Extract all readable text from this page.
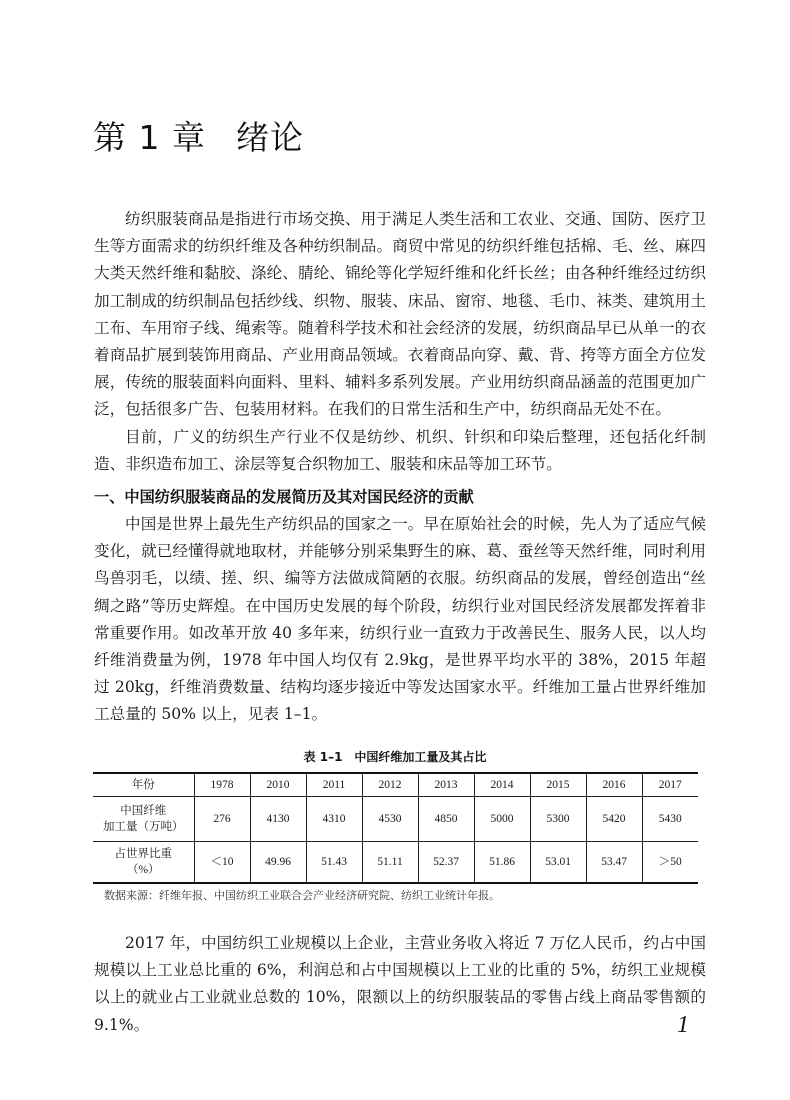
第 1 章 绪论

纺织服装商品是指进行市场交换、用于满足人类生活和工农业、交通、国防、医疗卫生等方面需求的纺织纤维及各种纺织制品。商贸中常见的纺织纤维包括棉、毛、丝、麻四大类天然纤维和黏胶、涤纶、腈纶、锦纶等化学短纤维和化纤长丝；由各种纤维经过纺织加工制成的纺织制品包括纱线、织物、服装、床品、窗帘、地毯、毛巾、袜类、建筑用土工布、车用帘子线、绳索等。随着科学技术和社会经济的发展，纺织商品早已从单一的衣着商品扩展到装饰用商品、产业用商品领域。衣着商品向穿、戴、背、挎等方面全方位发展，传统的服装面料向面料、里料、辅料多系列发展。产业用纺织商品涵盖的范围更加广泛，包括很多广告、包装用材料。在我们的日常生活和生产中，纺织商品无处不在。

目前，广义的纺织生产行业不仅是纺纱、机织、针织和印染后整理，还包括化纤制造、非织造布加工、涂层等复合织物加工、服装和床品等加工环节。

一、中国纺织服装商品的发展简历及其对国民经济的贡献

中国是世界上最先生产纺织品的国家之一。早在原始社会的时候，先人为了适应气候变化，就已经懂得就地取材，并能够分别采集野生的麻、葛、蚕丝等天然纤维，同时利用鸟兽羽毛，以绩、搓、织、编等方法做成简陋的衣服。纺织商品的发展，曾经创造出“丝绸之路”等历史辉煌。在中国历史发展的每个阶段，纺织行业对国民经济发展都发挥着非常重要作用。如改革开放 40 多年来，纺织行业一直致力于改善民生、服务人民，以人均纤维消费量为例，1978 年中国人均仅有 2.9kg，是世界平均水平的 38%，2015 年超过 20kg，纤维消费数量、结构均逐步接近中等发达国家水平。纤维加工量占世界纤维加工总量的 50% 以上，见表 1–1。

表 1–1　中国纤维加工量及其占比
年份	1978	2010	2011	2012	2013	2014	2015	2016	2017

中国纤维
加工量（万吨）	276	4130	4310	4530	4850	5000	5300	5420	5430

占世界比重
（%）	＜10	49.96	51.43	51.11	52.37	51.86	53.01	53.47	＞50
数据来源：纤维年报、中国纺织工业联合会产业经济研究院、纺织工业统计年报。

2017 年，中国纺织工业规模以上企业，主营业务收入将近 7 万亿人民币，约占中国规模以上工业总比重的 6%，利润总和占中国规模以上工业的比重的 5%，纺织工业规模以上的就业占工业就业总数的 10%，限额以上的纺织服装品的零售占线上商品零售额的 9.1%。	1
